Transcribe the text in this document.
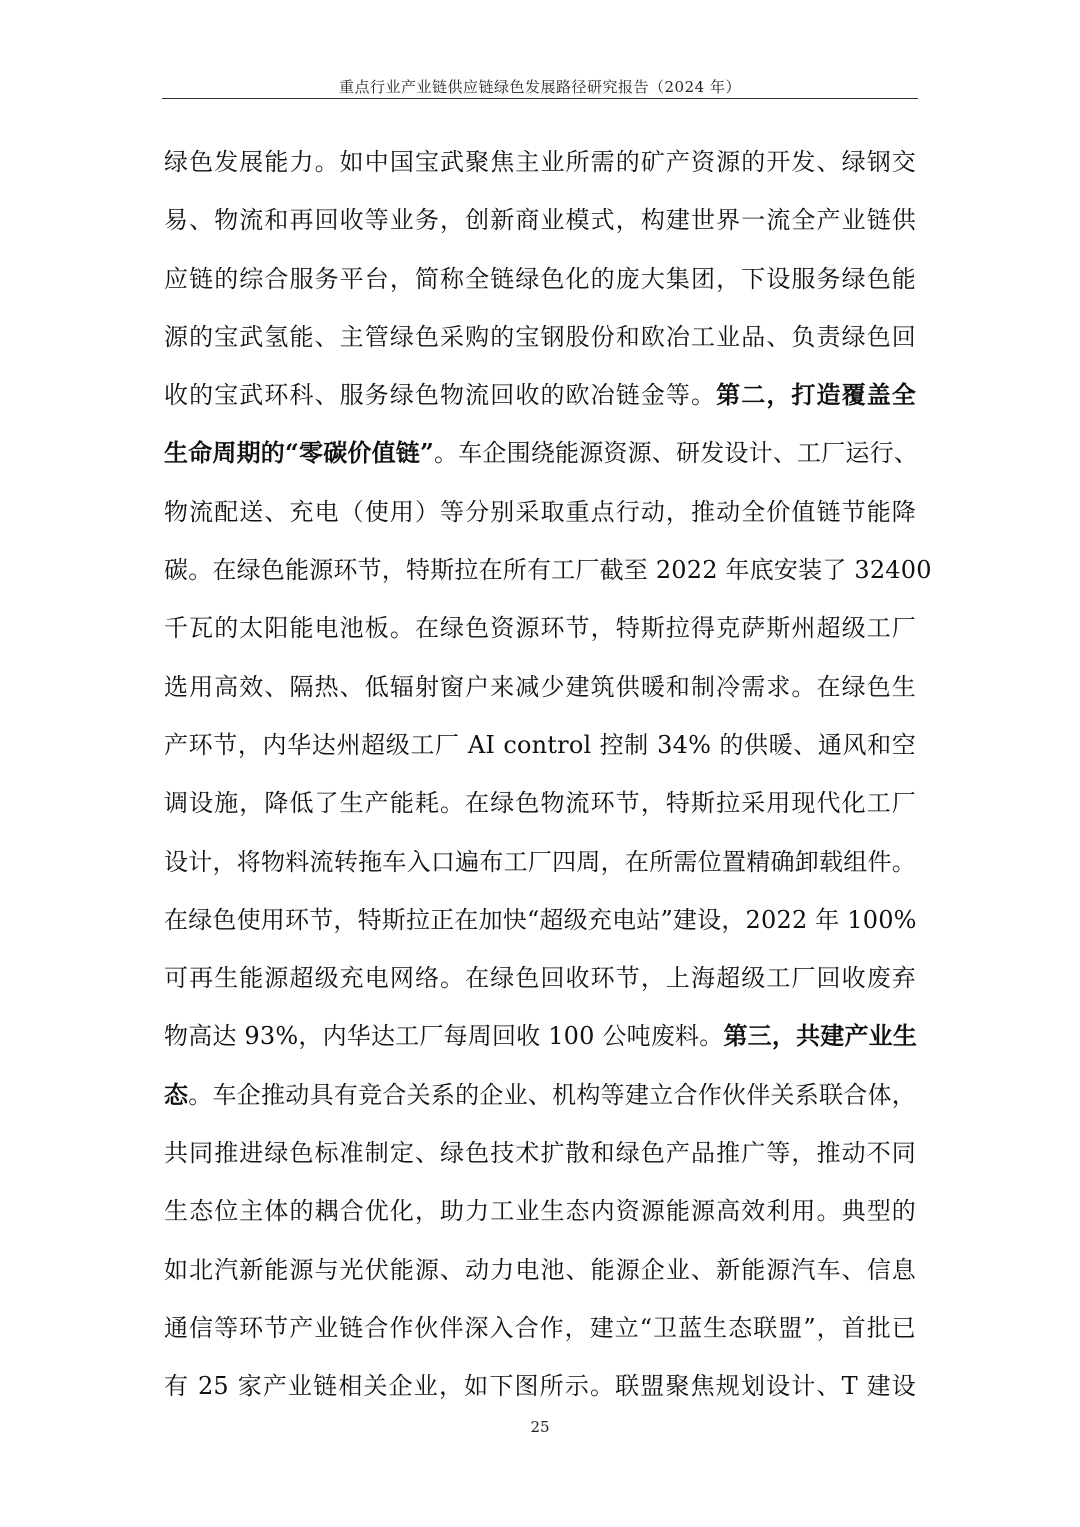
重点行业产业链供应链绿色发展路径研究报告（2024 年）
绿色发展能力。如中国宝武聚焦主业所需的矿产资源的开发、绿钢交
易、物流和再回收等业务，创新商业模式，构建世界一流全产业链供
应链的综合服务平台，简称全链绿色化的庞大集团，下设服务绿色能
源的宝武氢能、主管绿色采购的宝钢股份和欧冶工业品、负责绿色回
收的宝武环科、服务绿色物流回收的欧冶链金等。第二，打造覆盖全
生命周期的“零碳价值链”。车企围绕能源资源、研发设计、工厂运行、
物流配送、充电（使用）等分别采取重点行动，推动全价值链节能降
碳。在绿色能源环节，特斯拉在所有工厂截至 2022 年底安装了 32400
千瓦的太阳能电池板。在绿色资源环节，特斯拉得克萨斯州超级工厂
选用高效、隔热、低辐射窗户来减少建筑供暖和制冷需求。在绿色生
产环节，内华达州超级工厂 AI control 控制 34% 的供暖、通风和空
调设施，降低了生产能耗。在绿色物流环节，特斯拉采用现代化工厂
设计，将物料流转拖车入口遍布工厂四周，在所需位置精确卸载组件。
在绿色使用环节，特斯拉正在加快“超级充电站”建设，2022 年 100%
可再生能源超级充电网络。在绿色回收环节，上海超级工厂回收废弃
物高达 93%，内华达工厂每周回收 100 公吨废料。第三，共建产业生
态。车企推动具有竞合关系的企业、机构等建立合作伙伴关系联合体，
共同推进绿色标准制定、绿色技术扩散和绿色产品推广等，推动不同
生态位主体的耦合优化，助力工业生态内资源能源高效利用。典型的
如北汽新能源与光伏能源、动力电池、能源企业、新能源汽车、信息
通信等环节产业链合作伙伴深入合作，建立“卫蓝生态联盟”，首批已
有 25 家产业链相关企业，如下图所示。联盟聚焦规划设计、T 建设
25
